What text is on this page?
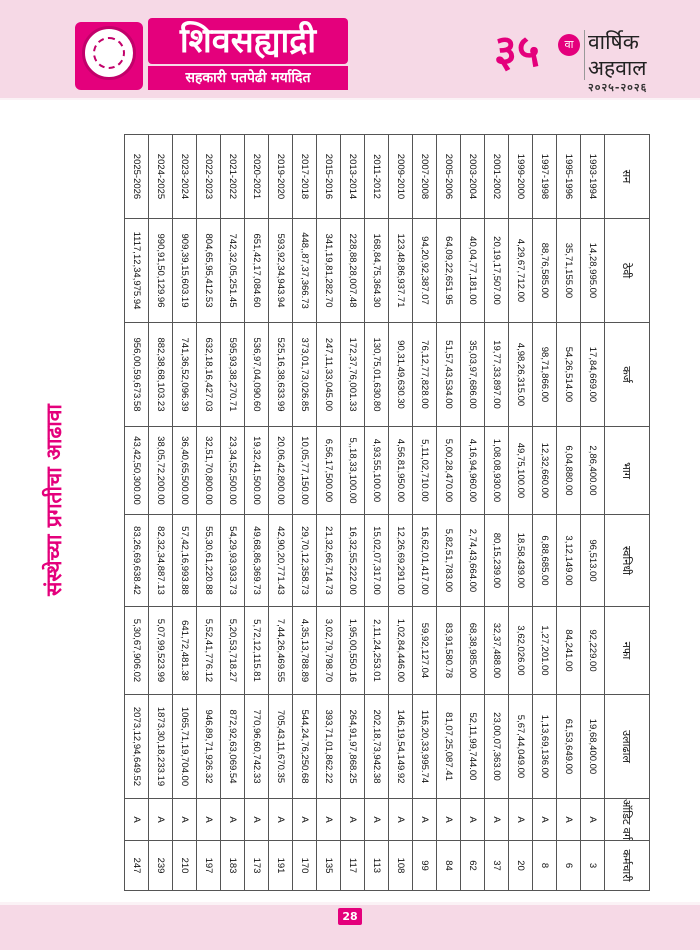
शिवसह्याद्री
सहकारी पतपेढी मर्यादित
३५	वा वार्षिक
अहवाल
२०२५-२०२६
संस्थेच्या प्रगतीचा आढावा
सन	ठेवी	कर्ज	भाग	स्वनिधी	नफा	उलाढाल	ऑडिट वर्ग	कर्मचारी
1993-1994	14,28,995.00	17,84,669.00	2,86,400.00	96,513.00	92,229.00	19,68,400.00	A	3
1995-1996	35,71,155.00	54,26,514.00	6,04,880.00	3,12,149.00	84,241.00	61,53,649.00	A	6
1997-1998	88,76,585.00	98,71,866.00	12,32,660.00	6,88,685.00	1,27,201.00	1,13,69,136.00	A	8
1999-2000	4,29,67,712.00	4,98,26,315.00	49,75,100.00	18,58,439.00	3,62,026.00	5,67,44,049.00	A	20
2001-2002	20,19,17,507.00	19,77,33,897.00	1,08,08,930.00	80,15,239.00	32,37,488.00	23,00,07,363.00	A	37
2003-2004	40,04,77,181.00	35,03,97,686.00	4,16,94,960.00	2,74,43,664.00	68,38,985.00	52,11,99,744.00	A	62
2005-2006	64,09,22,651.95	51,57,43,534.00	5,00,28,470.00	5,82,51,783.00	83,91,580.78	81,07,25,087.41	A	84
2007-2008	94,20,92,387.07	76,12,77,828.00	5,11,02,710.00	16,62,01,417.00	59,92,127.04	116,20,33,995.74	A	99
2009-2010	123,48,86,937.71	90,31,49,630.30	4,56,81,950.00	12,26,69,291.00	1,02,84,446.00	146,19,54,149.92	A	108
2011-2012	168,84,75,364.30	130,75,01,630.80	4,93,55,100.00	15,02,07,317.00	2,11,24,253.01	202,18,73,942.38	A	113
2013-2014	228,88,28,007.48	172,37,76,001.33	5,,18,33,100.00	16,32,55,222.00	1,95,00,550.16	264,91,97,868.25	A	117
2015-2016	341,19,81,282.70	247,11,33,045.00	6,56,17,500.00	21,32,66,714.73	3,02,79,798.70	393,71,01,862.22	A	135
2017-2018	448,,87,37,366.73	373,01,73,026.85	10,05,77,150.00	29,70,12,358.73	4,35,13,788.89	544,24,76,250.68	A	170
2019-2020	593,92,34,943.94	525,16,38,633.99	20,06,42,800.00	42,90,20,771.43	7,44,26,469.55	705,43,11,670.35	A	191
2020-2021	651,42,17,084.60	536,97,04,090.60	19,32,41,500.00	49,68,86,369.73	5,72,12,115.81	770,96,60,742.33	A	173
2021-2022	742,32,05,251.45	595,93,38,270.71	23,34,52,500.00	54,29,93,933.73	5,20,53,718.27	872,92,63,069.54	A	183
2022-2023	804,65,95,412.53	632,18,16,427.03	32,51,70,800.00	55,30,61,220.88	5,52,41,776.12	946,89,71,926.32	A	197
2023-2024	909,39,15,603.19	741,36,52,096.39	36,40,65,500.00	57,42,16,993.88	641,72,481.38	1065,71,19,704.00	A	210
2024-2025	990,91,50,129.96	882,38,68,103.23	38,05,72,200.00	82,32,34,887.13	5,07,99,523.99	1873,30,18,233.19	A	239
2025-2026	1117,12,34,975.94	956,00,59,673.58	43,42,50,300.00	83,26,69,638.42	5,30,67,906.02	2073,12,94,649.52	A	247
28
